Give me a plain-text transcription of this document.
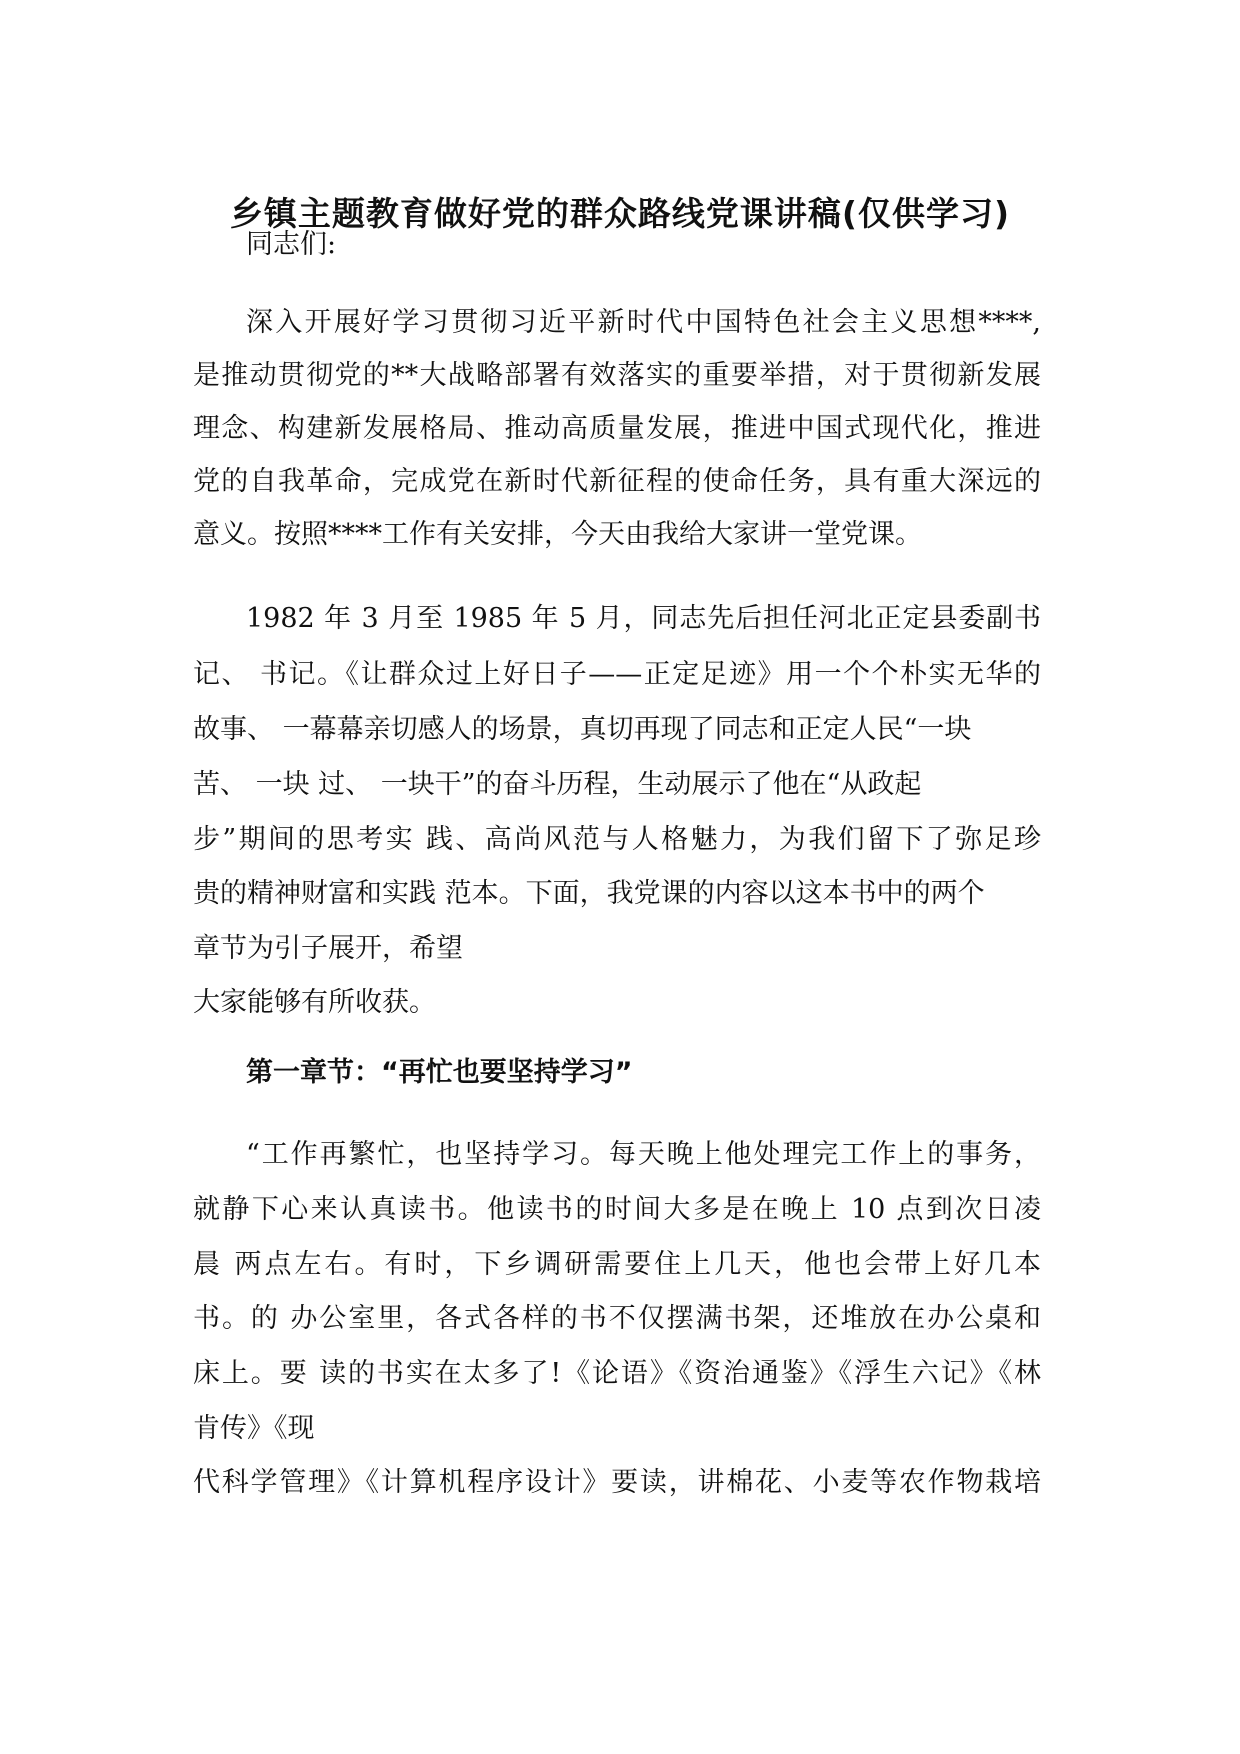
乡镇主题教育做好党的群众路线党课讲稿(仅供学习)
同志们:
深入开展好学习贯彻习近平新时代中国特色社会主义思想****,
是推动贯彻党的**大战略部署有效落实的重要举措，对于贯彻新发展
理念、构建新发展格局、推动高质量发展，推进中国式现代化，推进
党的自我革命，完成党在新时代新征程的使命任务，具有重大深远的
意义。按照****工作有关安排，今天由我给大家讲一堂党课。
1982 年 3 月至 1985 年 5 月，同志先后担任河北正定县委副书
记、 书记。《让群众过上好日子——正定足迹》用一个个朴实无华的
故事、 一幕幕亲切感人的场景，真切再现了同志和正定人民“一块
苦、 一块 过、 一块干”的奋斗历程，生动展示了他在“从政起
步”期间的思考实 践、高尚风范与人格魅力，为我们留下了弥足珍
贵的精神财富和实践 范本。下面，我党课的内容以这本书中的两个
章节为引子展开，希望
大家能够有所收获。
第一章节：“再忙也要坚持学习”
“工作再繁忙，也坚持学习。每天晚上他处理完工作上的事务，
就静下心来认真读书。他读书的时间大多是在晚上 10 点到次日凌
晨 两点左右。有时，下乡调研需要住上几天，他也会带上好几本
书。的 办公室里，各式各样的书不仅摆满书架，还堆放在办公桌和
床上。要 读的书实在太多了!《论语》《资治通鉴》《浮生六记》《林
肯传》《现
代科学管理》《计算机程序设计》要读，讲棉花、小麦等农作物栽培
